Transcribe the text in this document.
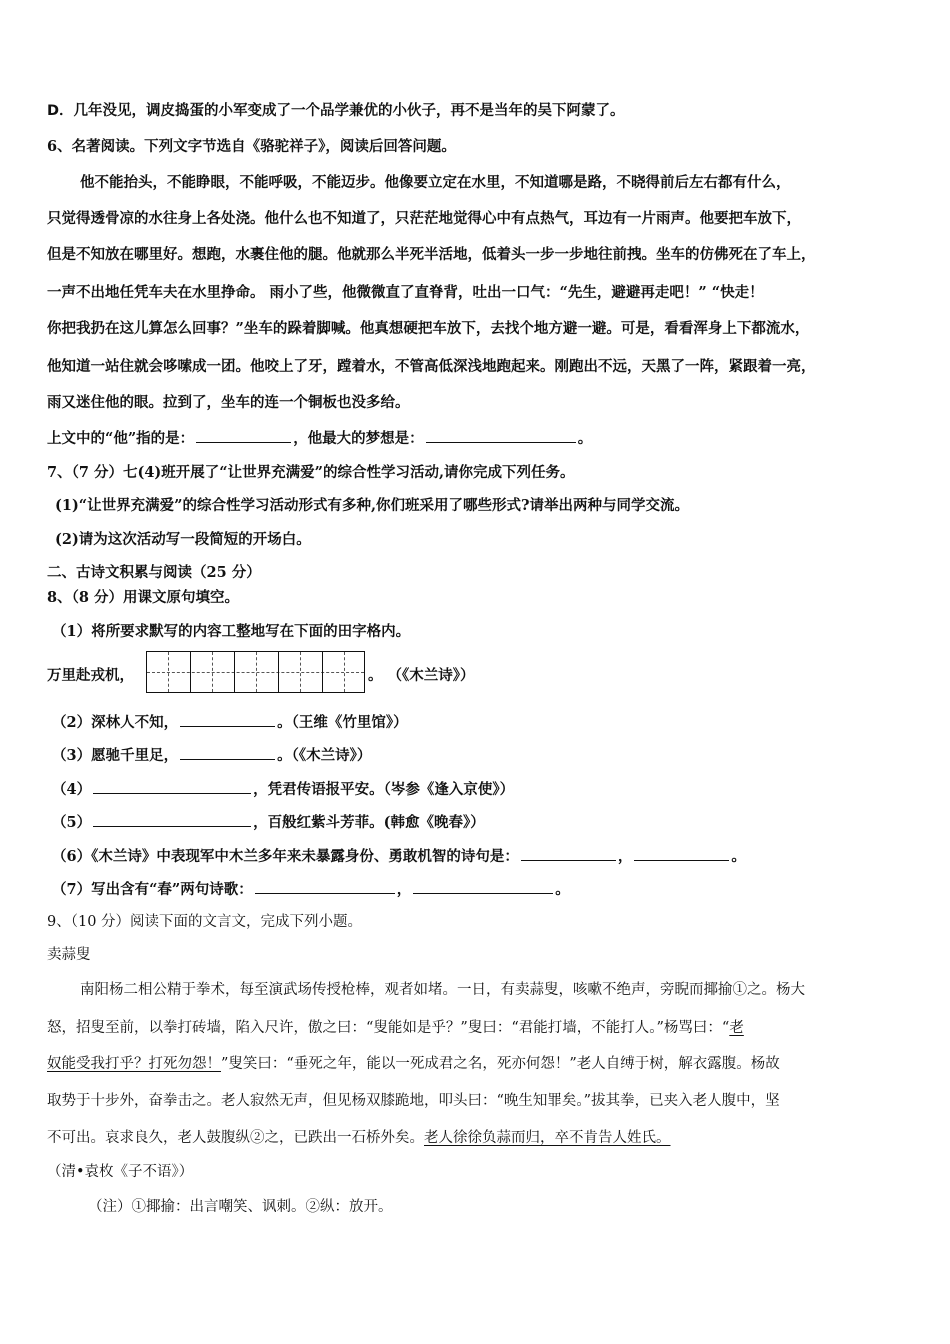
D．几年没见，调皮捣蛋的小军变成了一个品学兼优的小伙子，再不是当年的吴下阿蒙了。
6、名著阅读。下列文字节选自《骆驼祥子》，阅读后回答问题。
他不能抬头，不能睁眼，不能呼吸，不能迈步。他像要立定在水里，不知道哪是路，不晓得前后左右都有什么，
只觉得透骨凉的水往身上各处浇。他什么也不知道了，只茫茫地觉得心中有点热气，耳边有一片雨声。他要把车放下，
但是不知放在哪里好。想跑，水裹住他的腿。他就那么半死半活地，低着头一步一步地往前拽。坐车的仿佛死在了车上，
一声不出地任凭车夫在水里挣命。 雨小了些，他微微直了直脊背，吐出一口气：“先生，避避再走吧！” “快走！
你把我扔在这儿算怎么回事？”坐车的跺着脚喊。他真想硬把车放下，去找个地方避一避。可是，看看浑身上下都流水，
他知道一站住就会哆嗦成一团。他咬上了牙，蹚着水，不管高低深浅地跑起来。刚跑出不远，天黑了一阵，紧跟着一亮，
雨又迷住他的眼。拉到了，坐车的连一个铜板也没多给。
上文中的“他”指的是：	，他最大的梦想是：	。
7、（7 分）七(4)班开展了“让世界充满爱”的综合性学习活动,请你完成下列任务。
(1)“让世界充满爱”的综合性学习活动形式有多种,你们班采用了哪些形式?请举出两种与同学交流。
(2)请为这次活动写一段简短的开场白。
二、古诗文积累与阅读（25 分）
8、（8 分）用课文原句填空。
（1）将所要求默写的内容工整地写在下面的田字格内。
万里赴戎机，	。 （《木兰诗》）
（2）深林人不知，	。（王维《竹里馆》）
（3）愿驰千里足，	。（《木兰诗》）
（4）	，凭君传语报平安。（岑参《逢入京使》）
（5）	，百般红紫斗芳菲。(韩愈《晚春》）
（6）《木兰诗》中表现军中木兰多年来未暴露身份、勇敢机智的诗句是：	，	。
（7）写出含有“春”两句诗歌：	，	。
9、（10 分）阅读下面的文言文，完成下列小题。
卖蒜叟
南阳杨二相公精于拳术，每至演武场传授枪棒，观者如堵。一日，有卖蒜叟，咳嗽不绝声，旁睨而揶揄①之。杨大
怒，招叟至前，以拳打砖墙，陷入尺许，傲之曰：“叟能如是乎？”叟曰：“君能打墙，不能打人。”杨骂曰：“老
奴能受我打乎？打死勿怨！”叟笑曰：“垂死之年，能以一死成君之名，死亦何怨！”老人自缚于树，解衣露腹。杨故
取势于十步外，奋拳击之。老人寂然无声，但见杨双膝跪地，叩头曰：“晚生知罪矣。”拔其拳，已夹入老人腹中，坚
不可出。哀求良久，老人鼓腹纵②之，已跌出一石桥外矣。老人徐徐负蒜而归，卒不肯告人姓氏。
（清•袁枚《子不语》）
（注）①揶揄：出言嘲笑、讽刺。②纵：放开。
